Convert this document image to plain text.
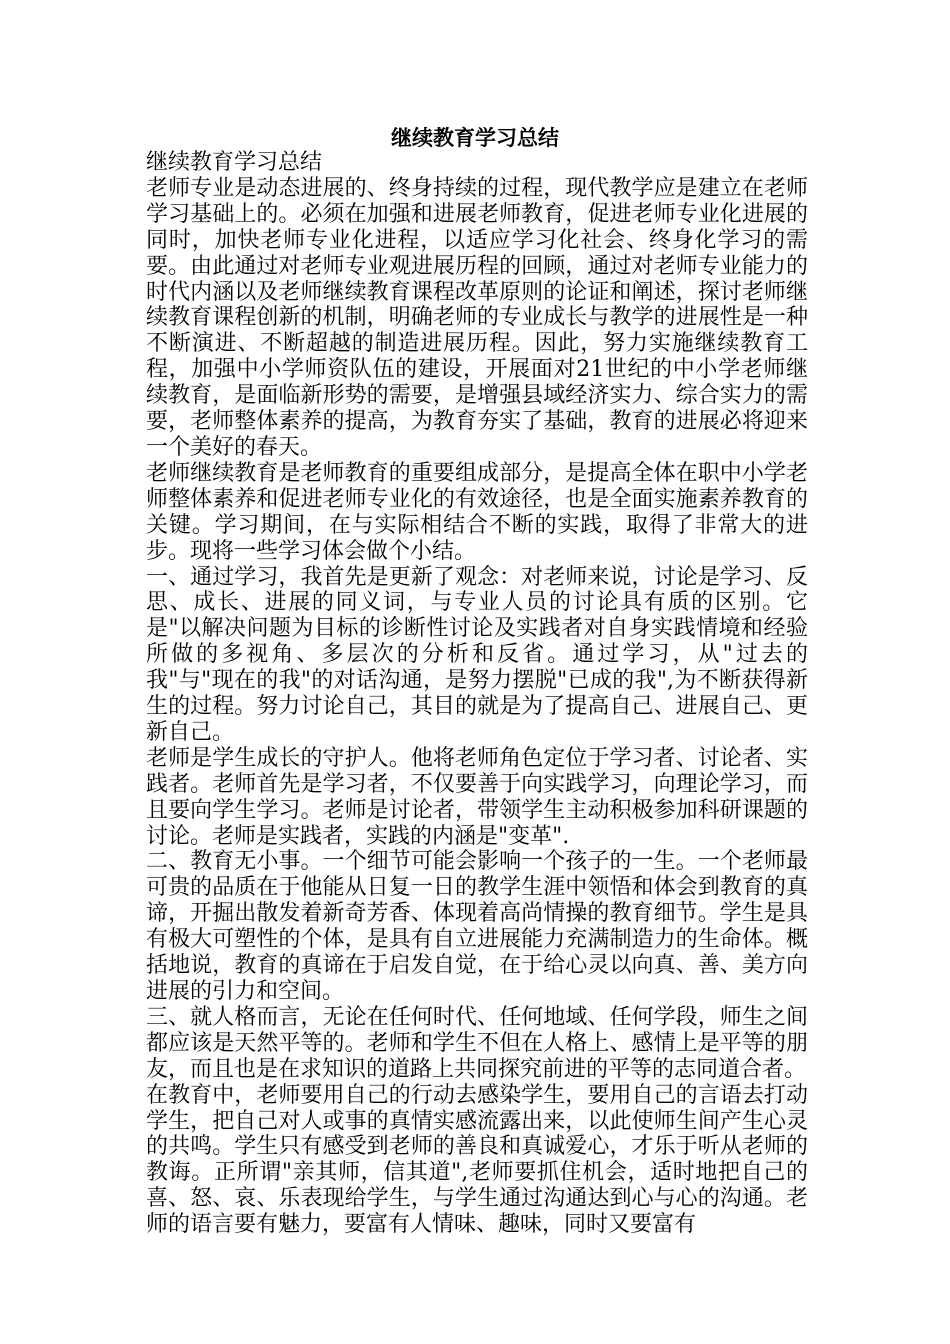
继续教育学习总结

继续教育学习总结

老师专业是动态进展的、终身持续的过程，现代教学应是建立在老师学习基础上的。必须在加强和进展老师教育，促进老师专业化进展的同时，加快老师专业化进程，以适应学习化社会、终身化学习的需要。由此通过对老师专业观进展历程的回顾，通过对老师专业能力的时代内涵以及老师继续教育课程改革原则的论证和阐述，探讨老师继续教育课程创新的机制，明确老师的专业成长与教学的进展性是一种不断演进、不断超越的制造进展历程。因此，努力实施继续教育工程，加强中小学师资队伍的建设，开展面对21世纪的中小学老师继续教育，是面临新形势的需要，是增强县域经济实力、综合实力的需要，老师整体素养的提高，为教育夯实了基础，教育的进展必将迎来一个美好的春天。

老师继续教育是老师教育的重要组成部分，是提高全体在职中小学老师整体素养和促进老师专业化的有效途径，也是全面实施素养教育的关键。学习期间，在与实际相结合不断的实践，取得了非常大的进步。现将一些学习体会做个小结。

一、通过学习，我首先是更新了观念：对老师来说，讨论是学习、反思、成长、进展的同义词，与专业人员的讨论具有质的区别。它是"以解决问题为目标的诊断性讨论及实践者对自身实践情境和经验所做的多视角、多层次的分析和反省。通过学习，从"过去的我"与"现在的我"的对话沟通，是努力摆脱"已成的我",为不断获得新生的过程。努力讨论自己，其目的就是为了提高自己、进展自己、更新自己。

老师是学生成长的守护人。他将老师角色定位于学习者、讨论者、实践者。老师首先是学习者，不仅要善于向实践学习，向理论学习，而且要向学生学习。老师是讨论者，带领学生主动积极参加科研课题的讨论。老师是实践者，实践的内涵是"变革".

二、教育无小事。一个细节可能会影响一个孩子的一生。一个老师最可贵的品质在于他能从日复一日的教学生涯中领悟和体会到教育的真谛，开掘出散发着新奇芳香、体现着高尚情操的教育细节。学生是具有极大可塑性的个体，是具有自立进展能力充满制造力的生命体。概括地说，教育的真谛在于启发自觉，在于给心灵以向真、善、美方向进展的引力和空间。

三、就人格而言，无论在任何时代、任何地域、任何学段，师生之间都应该是天然平等的。老师和学生不但在人格上、感情上是平等的朋友，而且也是在求知识的道路上共同探究前进的平等的志同道合者。

在教育中，老师要用自己的行动去感染学生，要用自己的言语去打动学生，把自己对人或事的真情实感流露出来，以此使师生间产生心灵的共鸣。学生只有感受到老师的善良和真诚爱心，才乐于听从老师的教诲。正所谓"亲其师，信其道",老师要抓住机会，适时地把自己的喜、怒、哀、乐表现给学生，与学生通过沟通达到心与心的沟通。老师的语言要有魅力，要富有人情味、趣味，同时又要富有
